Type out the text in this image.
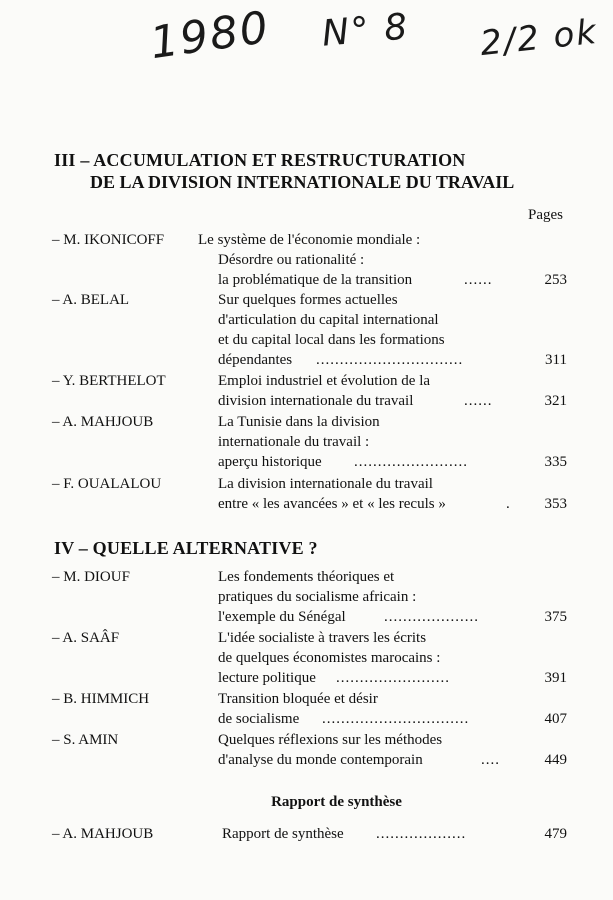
1980 N° 8 2/2 ok
III – ACCUMULATION ET RESTRUCTURATION
DE LA DIVISION INTERNATIONALE DU TRAVAIL
Pages
– M. IKONICOFF Le système de l'économie mondiale :
Désordre ou rationalité :
la problématique de la transition	......	253
– A. BELAL	Sur quelques formes actuelles
d'articulation du capital international
et du capital local dans les formations
dépendantes ...............................	311
– Y. BERTHELOT	Emploi industriel et évolution de la
division internationale du travail	......	321
– A. MAHJOUB	La Tunisie dans la division
internationale du travail :
aperçu historique ........................	335
– F. OUALALOU	La division internationale du travail
entre « les avancées » et « les reculs »	.	353
IV – QUELLE ALTERNATIVE ?
– M. DIOUF	Les fondements théoriques et
pratiques du socialisme africain :
l'exemple du Sénégal	....................	375
– A. SAÂF	L'idée socialiste à travers les écrits
de quelques économistes marocains :
lecture politique ........................	391
– B. HIMMICH	Transition bloquée et désir
de socialisme ...............................	407
– S. AMIN	Quelques réflexions sur les méthodes
d'analyse du monde contemporain	....	449
Rapport de synthèse
– A. MAHJOUB	Rapport de synthèse ...................	479
